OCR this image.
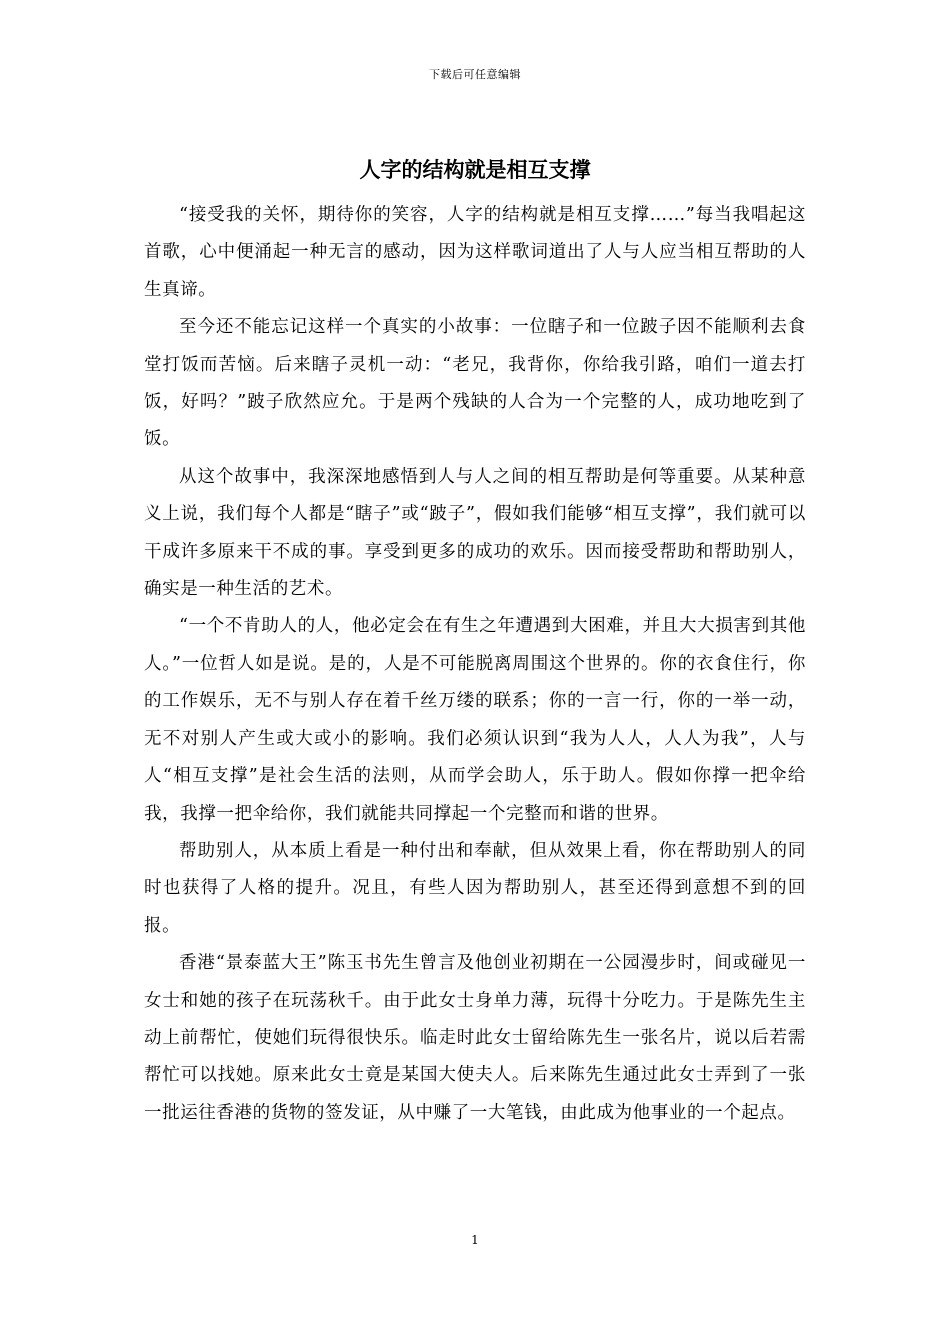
下载后可任意编辑
人字的结构就是相互支撑

“接受我的关怀，期待你的笑容，人字的结构就是相互支撑……”每当我唱起这首歌，心中便涌起一种无言的感动，因为这样歌词道出了人与人应当相互帮助的人生真谛。

至今还不能忘记这样一个真实的小故事：一位瞎子和一位跛子因不能顺利去食堂打饭而苦恼。后来瞎子灵机一动：“老兄，我背你，你给我引路，咱们一道去打饭，好吗？”跛子欣然应允。于是两个残缺的人合为一个完整的人，成功地吃到了饭。

从这个故事中，我深深地感悟到人与人之间的相互帮助是何等重要。从某种意义上说，我们每个人都是“瞎子”或“跛子”，假如我们能够“相互支撑”，我们就可以干成许多原来干不成的事。享受到更多的成功的欢乐。因而接受帮助和帮助别人，确实是一种生活的艺术。

“一个不肯助人的人，他必定会在有生之年遭遇到大困难，并且大大损害到其他人。”一位哲人如是说。是的，人是不可能脱离周围这个世界的。你的衣食住行，你的工作娱乐，无不与别人存在着千丝万缕的联系；你的一言一行，你的一举一动，无不对别人产生或大或小的影响。我们必须认识到“我为人人，人人为我”，人与人“相互支撑”是社会生活的法则，从而学会助人，乐于助人。假如你撑一把伞给我，我撑一把伞给你，我们就能共同撑起一个完整而和谐的世界。

帮助别人，从本质上看是一种付出和奉献，但从效果上看，你在帮助别人的同时也获得了人格的提升。况且，有些人因为帮助别人，甚至还得到意想不到的回报。

香港“景泰蓝大王”陈玉书先生曾言及他创业初期在一公园漫步时，间或碰见一女士和她的孩子在玩荡秋千。由于此女士身单力薄，玩得十分吃力。于是陈先生主动上前帮忙，使她们玩得很快乐。临走时此女士留给陈先生一张名片，说以后若需帮忙可以找她。原来此女士竟是某国大使夫人。后来陈先生通过此女士弄到了一张一批运往香港的货物的签发证，从中赚了一大笔钱，由此成为他事业的一个起点。

1
